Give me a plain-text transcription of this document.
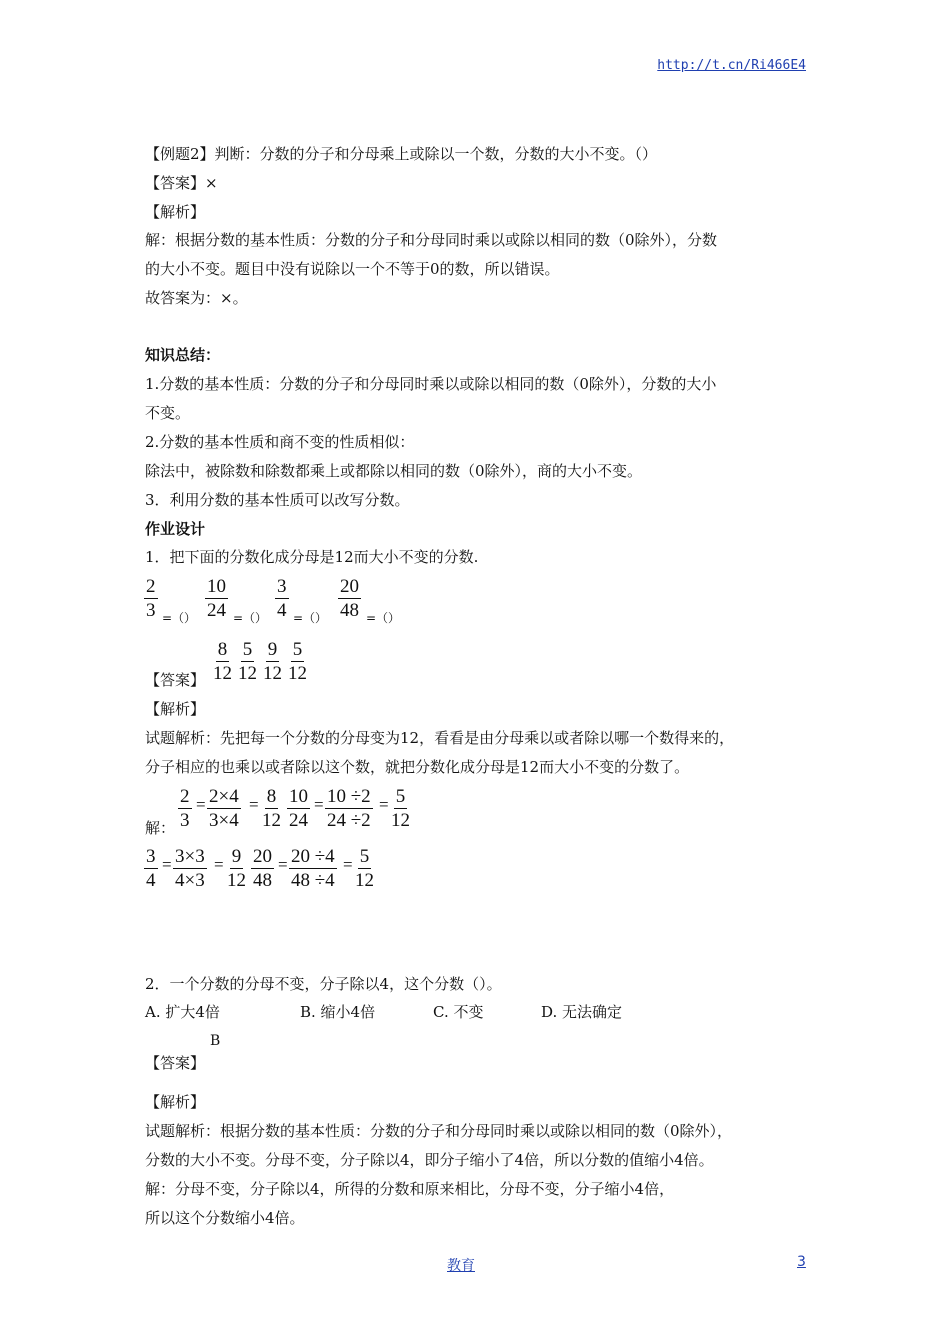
http://t.cn/Ri466E4
【例题2】判断：分数的分子和分母乘上或除以一个数，分数的大小不变。（）
【答案】×
【解析】
解：根据分数的基本性质：分数的分子和分母同时乘以或除以相同的数（0除外），分数
的大小不变。题目中没有说除以一个不等于0的数，所以错误。
故答案为：×。
知识总结：
1.分数的基本性质：分数的分子和分母同时乘以或除以相同的数（0除外），分数的大小
不变。
2.分数的基本性质和商不变的性质相似：
除法中，被除数和除数都乘上或都除以相同的数（0除外），商的大小不变。
3．利用分数的基本性质可以改写分数。
作业设计
1．把下面的分数化成分母是12而大小不变的分数.
$\frac{2}{3}$ =（） $\frac{10}{24}$ =（） $\frac{3}{4}$ =（） $\frac{20}{48}$ =（）
【答案】 $\frac{8}{12} \frac{5}{12} \frac{9}{12} \frac{5}{12}$
【解析】
试题解析：先把每一个分数的分母变为12，看看是由分母乘以或者除以哪一个数得来的，
分子相应的也乘以或者除以这个数，就把分数化成分母是12而大小不变的分数了。
解： $\frac{2}{3} = \frac{2\times 4}{3\times 4} = \frac{8}{12} \frac{10}{24} = \frac{10 \div 2}{24 \div 2} = \frac{5}{12}$
$\frac{3}{4} = \frac{3\times 3}{4\times 3} = \frac{9}{12} \frac{20}{48} = \frac{20 \div 4}{48 \div 4} = \frac{5}{12}$
2．一个分数的分母不变，分子除以4，这个分数（）。
A. 扩大4倍	B. 缩小4倍	C. 不变	D. 无法确定
B
【答案】
【解析】
试题解析：根据分数的基本性质：分数的分子和分母同时乘以或除以相同的数（0除外），
分数的大小不变。分母不变，分子除以4，即分子缩小了4倍，所以分数的值缩小4倍。
解：分母不变，分子除以4，所得的分数和原来相比，分母不变，分子缩小4倍，
所以这个分数缩小4倍。
教育	3
